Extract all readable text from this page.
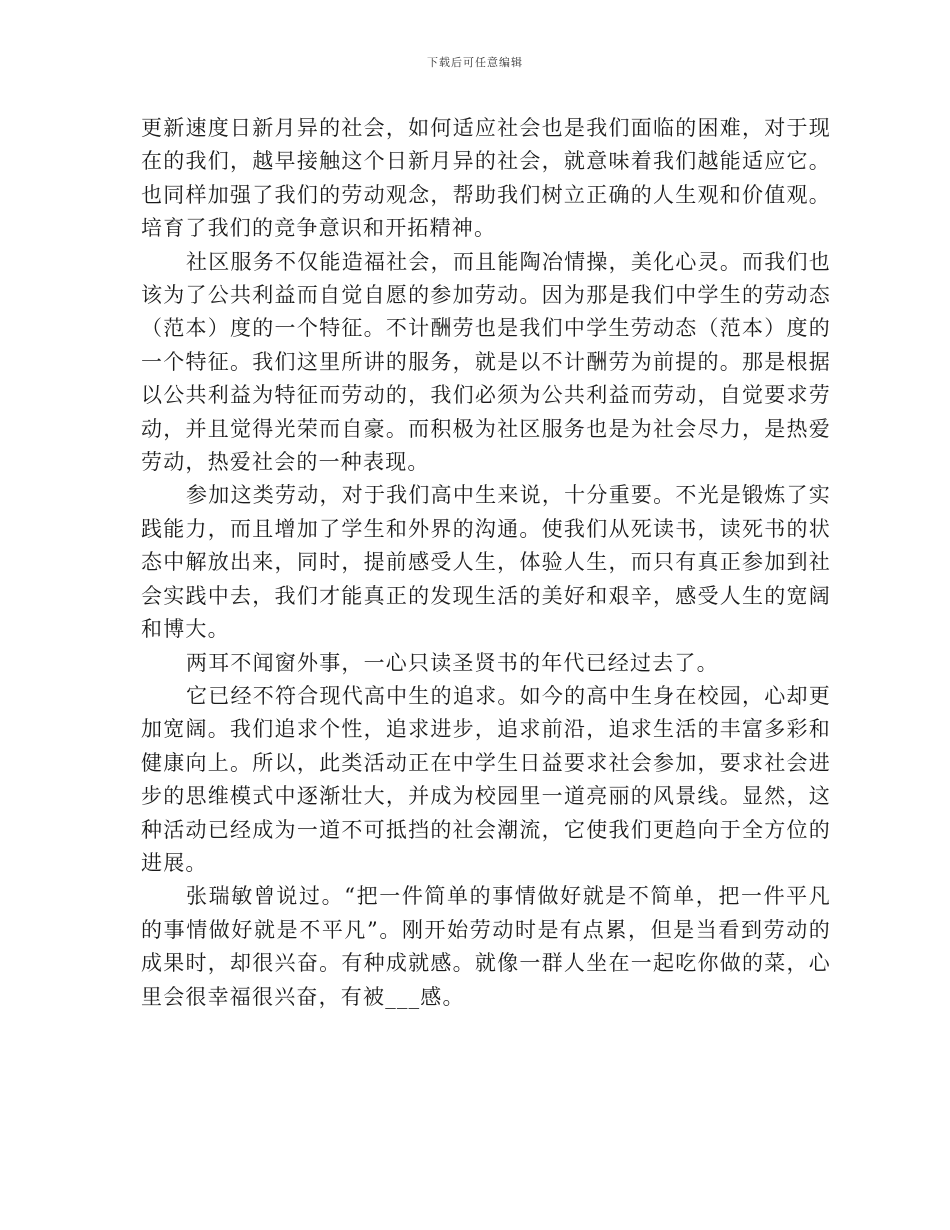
下载后可任意编辑

更新速度日新月异的社会，如何适应社会也是我们面临的困难，对于现在的我们，越早接触这个日新月异的社会，就意味着我们越能适应它。也同样加强了我们的劳动观念，帮助我们树立正确的人生观和价值观。培育了我们的竞争意识和开拓精神。

社区服务不仅能造福社会，而且能陶冶情操，美化心灵。而我们也该为了公共利益而自觉自愿的参加劳动。因为那是我们中学生的劳动态（范本）度的一个特征。不计酬劳也是我们中学生劳动态（范本）度的一个特征。我们这里所讲的服务，就是以不计酬劳为前提的。那是根据以公共利益为特征而劳动的，我们必须为公共利益而劳动，自觉要求劳动，并且觉得光荣而自豪。而积极为社区服务也是为社会尽力，是热爱劳动，热爱社会的一种表现。

参加这类劳动，对于我们高中生来说，十分重要。不光是锻炼了实践能力，而且增加了学生和外界的沟通。使我们从死读书，读死书的状态中解放出来，同时，提前感受人生，体验人生，而只有真正参加到社会实践中去，我们才能真正的发现生活的美好和艰辛，感受人生的宽阔和博大。

两耳不闻窗外事，一心只读圣贤书的年代已经过去了。

它已经不符合现代高中生的追求。如今的高中生身在校园，心却更加宽阔。我们追求个性，追求进步，追求前沿，追求生活的丰富多彩和健康向上。所以，此类活动正在中学生日益要求社会参加，要求社会进步的思维模式中逐渐壮大，并成为校园里一道亮丽的风景线。显然，这种活动已经成为一道不可抵挡的社会潮流，它使我们更趋向于全方位的进展。

张瑞敏曾说过。“把一件简单的事情做好就是不简单，把一件平凡的事情做好就是不平凡”。刚开始劳动时是有点累，但是当看到劳动的成果时，却很兴奋。有种成就感。就像一群人坐在一起吃你做的菜，心里会很幸福很兴奋，有被___感。
